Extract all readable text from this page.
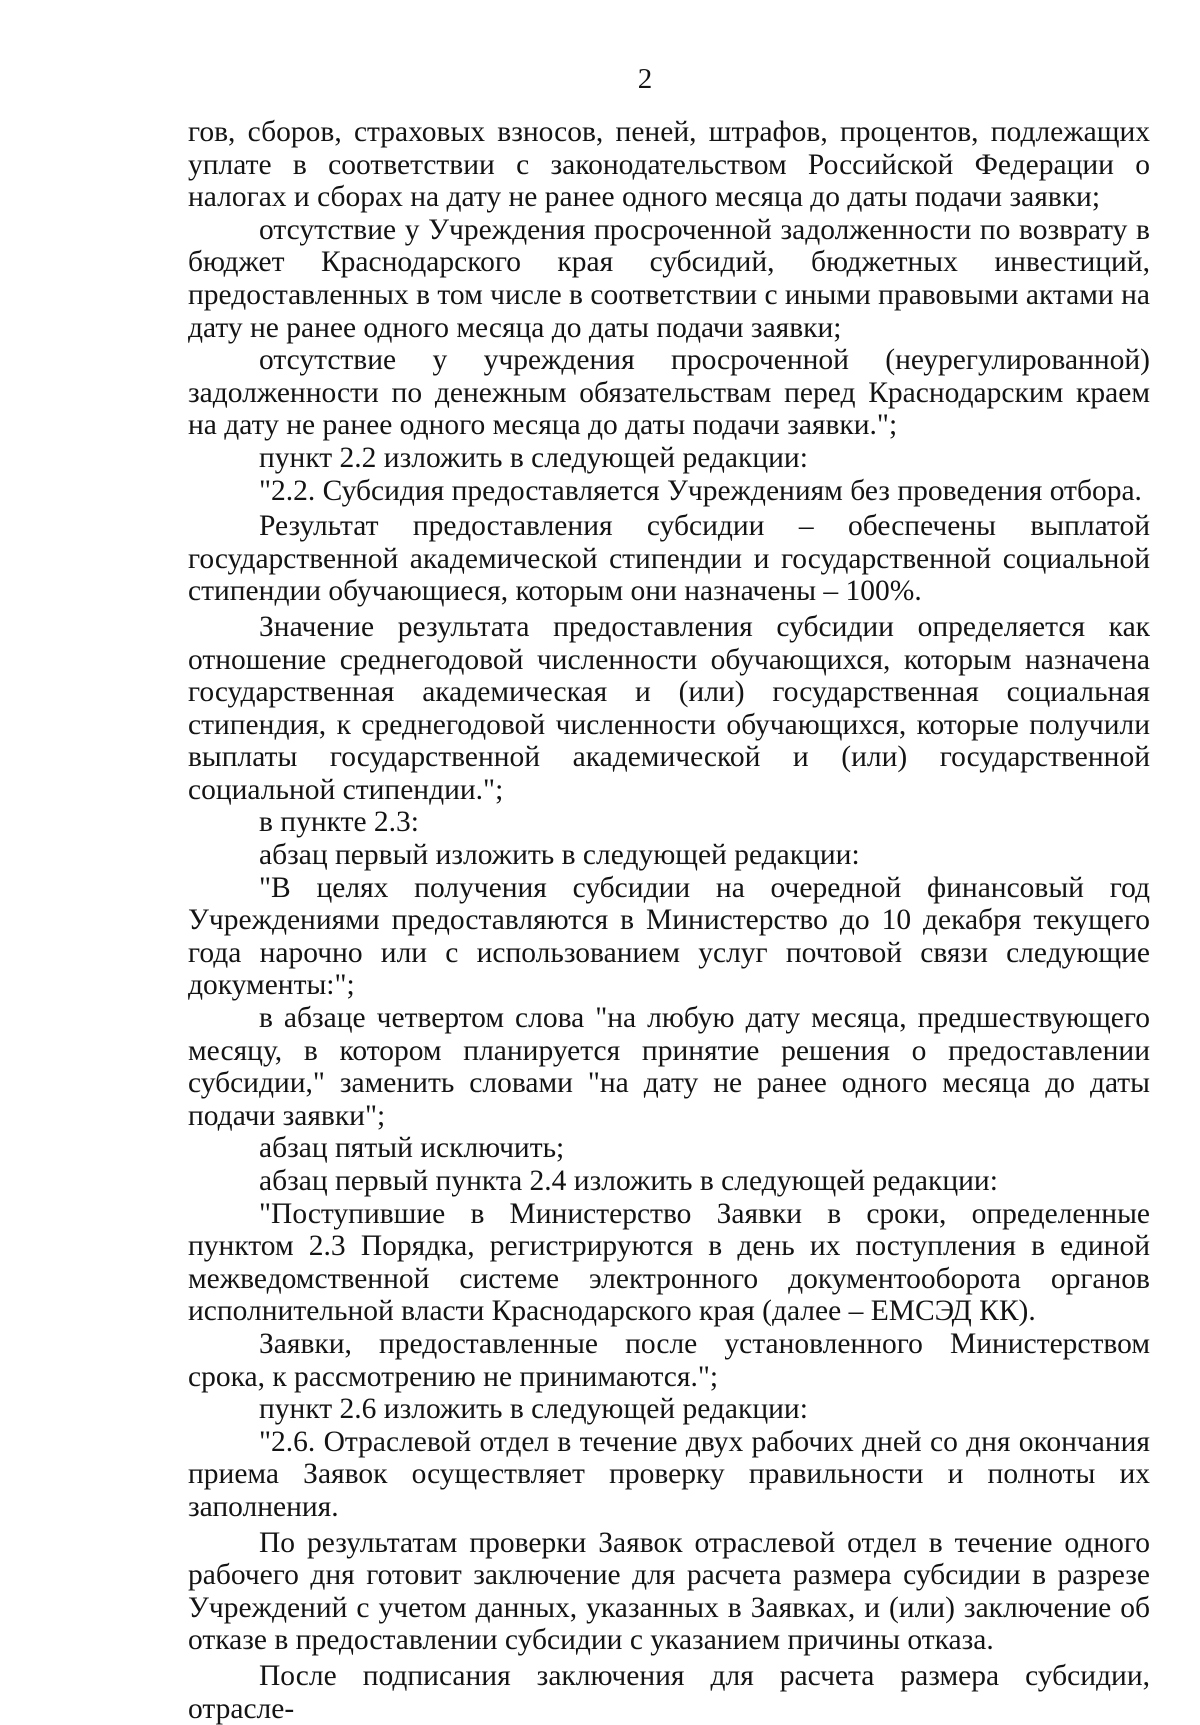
2

гов, сборов, страховых взносов, пеней, штрафов, процентов, подлежащих уплате в соответствии с законодательством Российской Федерации о налогах и сборах на дату не ранее одного месяца до даты подачи заявки;

отсутствие у Учреждения просроченной задолженности по возврату в бюджет Краснодарского края субсидий, бюджетных инвестиций, предоставленных в том числе в соответствии с иными правовыми актами на дату не ранее одного месяца до даты подачи заявки;

отсутствие у учреждения просроченной (неурегулированной) задолженности по денежным обязательствам перед Краснодарским краем на дату не ранее одного месяца до даты подачи заявки.";

пункт 2.2 изложить в следующей редакции:

"2.2. Субсидия предоставляется Учреждениям без проведения отбора.

Результат предоставления субсидии – обеспечены выплатой государственной академической стипендии и государственной социальной стипендии обучающиеся, которым они назначены – 100%.

Значение результата предоставления субсидии определяется как отношение среднегодовой численности обучающихся, которым назначена государственная академическая и (или) государственная социальная стипендия, к среднегодовой численности обучающихся, которые получили выплаты государственной академической и (или) государственной социальной стипендии.";

в пункте 2.3:

абзац первый изложить в следующей редакции:

"В целях получения субсидии на очередной финансовый год Учреждениями предоставляются в Министерство до 10 декабря текущего года нарочно или с использованием услуг почтовой связи следующие документы:";

в абзаце четвертом слова "на любую дату месяца, предшествующего месяцу, в котором планируется принятие решения о предоставлении субсидии," заменить словами "на дату не ранее одного месяца до даты подачи заявки";

абзац пятый исключить;

абзац первый пункта 2.4 изложить в следующей редакции:

"Поступившие в Министерство Заявки в сроки, определенные пунктом 2.3 Порядка, регистрируются в день их поступления в единой межведомственной системе электронного документооборота органов исполнительной власти Краснодарского края (далее – ЕМСЭД КК).

Заявки, предоставленные после установленного Министерством срока, к рассмотрению не принимаются.";

пункт 2.6 изложить в следующей редакции:

"2.6. Отраслевой отдел в течение двух рабочих дней со дня окончания приема Заявок осуществляет проверку правильности и полноты их заполнения.

По результатам проверки Заявок отраслевой отдел в течение одного рабочего дня готовит заключение для расчета размера субсидии в разрезе Учреждений с учетом данных, указанных в Заявках, и (или) заключение об отказе в предоставлении субсидии с указанием причины отказа.

После подписания заключения для расчета размера субсидии, отрасле-
